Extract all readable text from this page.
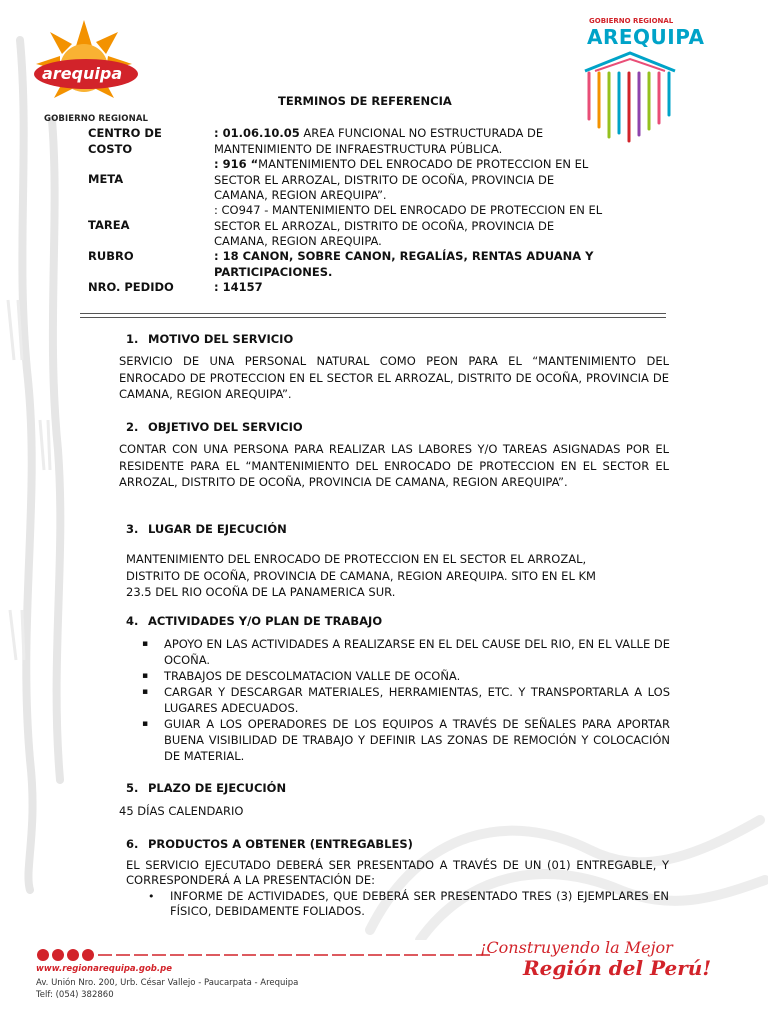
arequipa
GOBIERNO REGIONAL
GOBIERNO REGIONAL
AREQUIPA
TERMINOS DE REFERENCIA
CENTRO DE
COSTO
: 01.06.10.05 AREA FUNCIONAL NO ESTRUCTURADA DE
MANTENIMIENTO DE INFRAESTRUCTURA PÚBLICA.
META
: 916 “MANTENIMIENTO DEL ENROCADO DE PROTECCION EN EL
SECTOR EL ARROZAL, DISTRITO DE OCOÑA, PROVINCIA DE
CAMANA, REGION AREQUIPA”.
TAREA
: CO947 - MANTENIMIENTO DEL ENROCADO DE PROTECCION EN EL
SECTOR EL ARROZAL, DISTRITO DE OCOÑA, PROVINCIA DE
CAMANA, REGION AREQUIPA.
RUBRO	: 18 CANON, SOBRE CANON, REGALÍAS, RENTAS ADUANA Y
PARTICIPACIONES.
NRO. PEDIDO	: 14157
1. MOTIVO DEL SERVICIO
SERVICIO DE UNA PERSONAL NATURAL COMO PEON PARA EL “MANTENIMIENTO DEL ENROCADO DE PROTECCION EN EL SECTOR EL ARROZAL, DISTRITO DE OCOÑA, PROVINCIA DE CAMANA, REGION AREQUIPA”.
2. OBJETIVO DEL SERVICIO
CONTAR CON UNA PERSONA PARA REALIZAR LAS LABORES Y/O TAREAS ASIGNADAS POR EL RESIDENTE PARA EL “MANTENIMIENTO DEL ENROCADO DE PROTECCION EN EL SECTOR EL ARROZAL, DISTRITO DE OCOÑA, PROVINCIA DE CAMANA, REGION AREQUIPA”.
3. LUGAR DE EJECUCIÓN
MANTENIMIENTO DEL ENROCADO DE PROTECCION EN EL SECTOR EL ARROZAL,
DISTRITO DE OCOÑA, PROVINCIA DE CAMANA, REGION AREQUIPA. SITO EN EL KM
23.5 DEL RIO OCOÑA DE LA PANAMERICA SUR.
4. ACTIVIDADES Y/O PLAN DE TRABAJO
▪ APOYO EN LAS ACTIVIDADES A REALIZARSE EN EL DEL CAUSE DEL RIO, EN EL VALLE DE OCOÑA.
▪ TRABAJOS DE DESCOLMATACION VALLE DE OCOÑA.
▪ CARGAR Y DESCARGAR MATERIALES, HERRAMIENTAS, ETC. Y TRANSPORTARLA A LOS LUGARES ADECUADOS.
▪ GUIAR A LOS OPERADORES DE LOS EQUIPOS A TRAVÉS DE SEÑALES PARA APORTAR BUENA VISIBILIDAD DE TRABAJO Y DEFINIR LAS ZONAS DE REMOCIÓN Y COLOCACIÓN DE MATERIAL.
5. PLAZO DE EJECUCIÓN
45 DÍAS CALENDARIO
6. PRODUCTOS A OBTENER (ENTREGABLES)
EL SERVICIO EJECUTADO DEBERÁ SER PRESENTADO A TRAVÉS DE UN (01) ENTREGABLE, Y CORRESPONDERÁ A LA PRESENTACIÓN DE:
• INFORME DE ACTIVIDADES, QUE DEBERÁ SER PRESENTADO TRES (3) EJEMPLARES EN FÍSICO, DEBIDAMENTE FOLIADOS.
www.regionarequipa.gob.pe
Av. Unión Nro. 200, Urb. César Vallejo - Paucarpata - Arequipa
Telf: (054) 382860
¡Construyendo la Mejor
Región del Perú!
